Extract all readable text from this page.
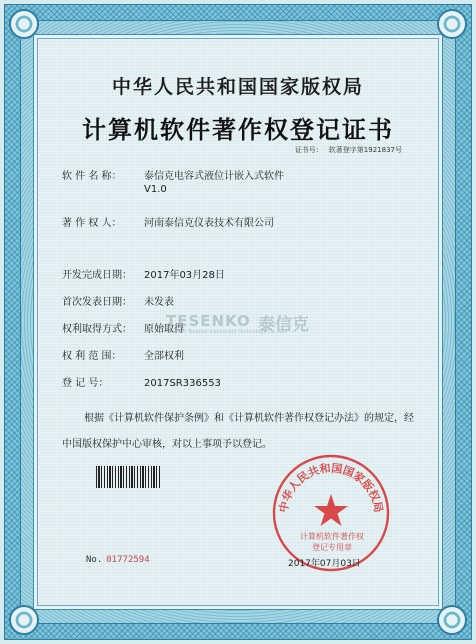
中华人民共和国国家版权局
计算机软件著作权登记证书
证书号： 软著登字第1921837号
软 件 名 称： 泰信克电容式液位计嵌入式软件
V1.0
著 作 权 人： 河南泰信克仪表技术有限公司
开发完成日期： 2017年03月28日
首次发表日期： 未发表
权利取得方式： 原始取得
权 利 范 围： 全部权利
登 记 号：	2017SR336553
TESENKO 泰信克
Henan Tesenko Instrument Technology Co., Ltd
根据《计算机软件保护条例》和《计算机软件著作权登记办法》的规定，经中国版权保护中心审核，对以上事项予以登记。
中华人民共和国国家版权局
计算机软件著作权
登记专用章
No. 01772594	2017年07月03日
